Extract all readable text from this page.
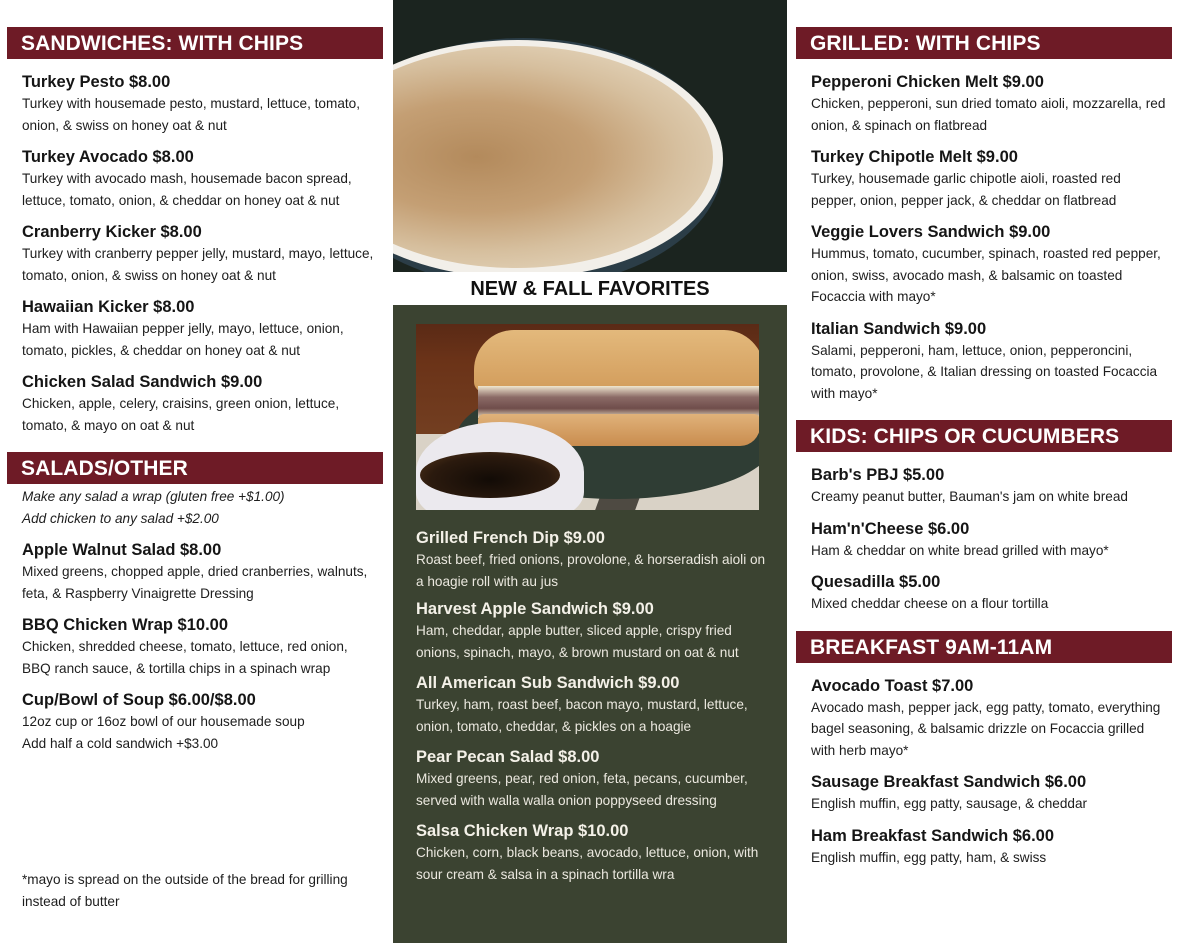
SANDWICHES: WITH CHIPS
Turkey Pesto $8.00
Turkey with housemade pesto, mustard, lettuce, tomato, onion, & swiss on honey oat & nut
Turkey Avocado $8.00
Turkey with avocado mash, housemade bacon spread, lettuce, tomato, onion, & cheddar on honey oat & nut
Cranberry Kicker $8.00
Turkey with cranberry pepper jelly, mustard, mayo, lettuce, tomato, onion, & swiss on honey oat & nut
Hawaiian Kicker $8.00
Ham with Hawaiian pepper jelly, mayo, lettuce, onion, tomato, pickles, & cheddar on honey oat & nut
Chicken Salad Sandwich $9.00
Chicken, apple, celery, craisins, green onion, lettuce, tomato, & mayo on oat & nut
SALADS/OTHER
Make any salad a wrap (gluten free +$1.00)
Add chicken to any salad +$2.00
Apple Walnut Salad $8.00
Mixed greens, chopped apple, dried cranberries, walnuts, feta, & Raspberry Vinaigrette Dressing
BBQ Chicken Wrap $10.00
Chicken, shredded cheese, tomato, lettuce, red onion, BBQ ranch sauce, & tortilla chips in a spinach wrap
Cup/Bowl of Soup $6.00/$8.00
12oz cup or 16oz bowl of our housemade soup
Add half a cold sandwich +$3.00
*mayo is spread on the outside of the bread for grilling instead of butter
NEW & FALL FAVORITES
Grilled French Dip $9.00
Roast beef, fried onions, provolone, & horseradish aioli on a hoagie roll with au jus
Harvest Apple Sandwich $9.00
Ham, cheddar, apple butter, sliced apple, crispy fried onions, spinach, mayo, & brown mustard on oat & nut
All American Sub Sandwich $9.00
Turkey, ham, roast beef, bacon mayo, mustard, lettuce, onion, tomato, cheddar, & pickles on a hoagie
Pear Pecan Salad $8.00
Mixed greens, pear, red onion, feta, pecans, cucumber, served with walla walla onion poppyseed dressing
Salsa Chicken Wrap $10.00
Chicken, corn, black beans, avocado, lettuce, onion, with sour cream & salsa in a spinach tortilla wra
GRILLED: WITH CHIPS
Pepperoni Chicken Melt $9.00
Chicken, pepperoni, sun dried tomato aioli, mozzarella, red onion, & spinach on flatbread
Turkey Chipotle Melt $9.00
Turkey, housemade garlic chipotle aioli, roasted red pepper, onion, pepper jack, & cheddar on flatbread
Veggie Lovers Sandwich $9.00
Hummus, tomato, cucumber, spinach, roasted red pepper, onion, swiss, avocado mash, & balsamic on toasted Focaccia with mayo*
Italian Sandwich $9.00
Salami, pepperoni, ham, lettuce, onion, pepperoncini, tomato, provolone, & Italian dressing on toasted Focaccia with mayo*
KIDS: CHIPS OR CUCUMBERS
Barb's PBJ $5.00
Creamy peanut butter, Bauman's jam on white bread
Ham'n'Cheese $6.00
Ham & cheddar on white bread grilled with mayo*
Quesadilla $5.00
Mixed cheddar cheese on a flour tortilla
BREAKFAST 9AM-11AM
Avocado Toast $7.00
Avocado mash, pepper jack, egg patty, tomato, everything bagel seasoning, & balsamic drizzle on Focaccia grilled with herb mayo*
Sausage Breakfast Sandwich $6.00
English muffin, egg patty, sausage, & cheddar
Ham Breakfast Sandwich $6.00
English muffin, egg patty, ham, & swiss
